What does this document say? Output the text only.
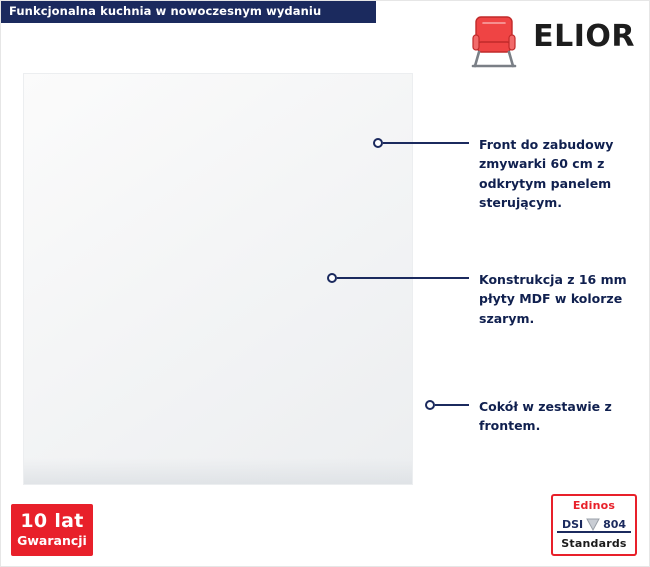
Funkcjonalna kuchnia w nowoczesnym wydaniu
ELIOR
Front do zabudowy zmywarki 60 cm z odkrytym panelem sterującym.
Konstrukcja z 16 mm płyty MDF w kolorze szarym.
Cokół w zestawie z frontem.
10 lat
Gwarancji
Edinos
DSI 804
Standards
